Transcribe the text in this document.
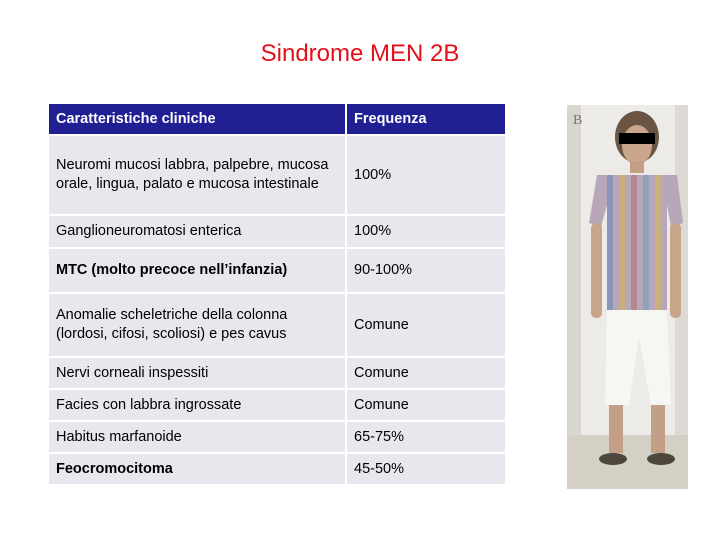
Sindrome MEN 2B
Caratteristiche cliniche	Frequenza
Neuromi mucosi labbra, palpebre, mucosa orale, lingua, palato e mucosa intestinale	100%
Ganglioneuromatosi enterica	100%
MTC (molto precoce nell’infanzia)	90-100%
Anomalie scheletriche della colonna (lordosi, cifosi, scoliosi) e pes cavus	Comune
Nervi corneali inspessiti	Comune
Facies con labbra ingrossate	Comune
Habitus marfanoide	65-75%
Feocromocitoma	45-50%
B
